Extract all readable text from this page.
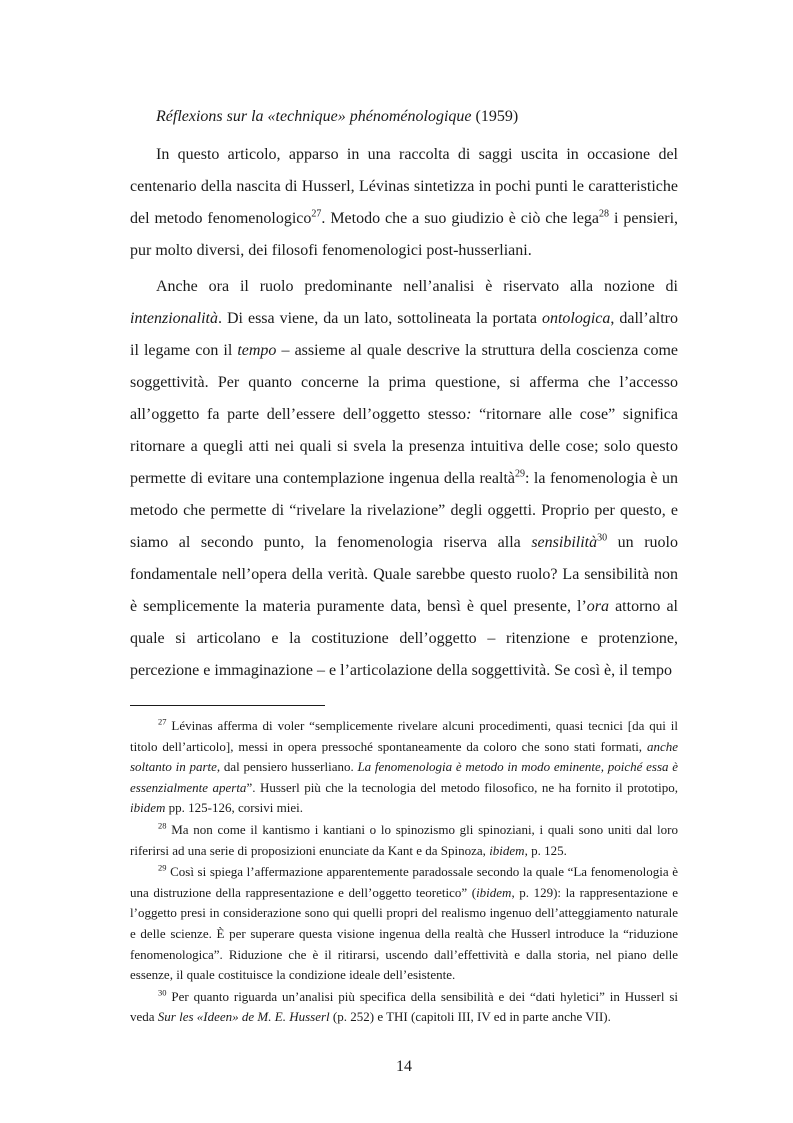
Réflexions sur la «technique» phénoménologique (1959)

In questo articolo, apparso in una raccolta di saggi uscita in occasione del centenario della nascita di Husserl, Lévinas sintetizza in pochi punti le caratteristiche del metodo fenomenologico$^{27}$. Metodo che a suo giudizio è ciò che lega$^{28}$ i pensieri, pur molto diversi, dei filosofi fenomenologici post-husserliani.

Anche ora il ruolo predominante nell’analisi è riservato alla nozione di intenzionalità. Di essa viene, da un lato, sottolineata la portata ontologica, dall’altro il legame con il tempo – assieme al quale descrive la struttura della coscienza come soggettività. Per quanto concerne la prima questione, si afferma che l’accesso all’oggetto fa parte dell’essere dell’oggetto stesso: “ritornare alle cose” significa ritornare a quegli atti nei quali si svela la presenza intuitiva delle cose; solo questo permette di evitare una contemplazione ingenua della realtà$^{29}$: la fenomenologia è un metodo che permette di “rivelare la rivelazione” degli oggetti. Proprio per questo, e siamo al secondo punto, la fenomenologia riserva alla sensibilità$^{30}$ un ruolo fondamentale nell’opera della verità. Quale sarebbe questo ruolo? La sensibilità non è semplicemente la materia puramente data, bensì è quel presente, l’ora attorno al quale si articolano e la costituzione dell’oggetto – ritenzione e protenzione, percezione e immaginazione – e l’articolazione della soggettività. Se così è, il tempo

$^{27}$ Lévinas afferma di voler “semplicemente rivelare alcuni procedimenti, quasi tecnici [da qui il titolo dell’articolo], messi in opera pressoché spontaneamente da coloro che sono stati formati, anche soltanto in parte, dal pensiero husserliano. La fenomenologia è metodo in modo eminente, poiché essa è essenzialmente aperta”. Husserl più che la tecnologia del metodo filosofico, ne ha fornito il prototipo, ibidem pp. 125-126, corsivi miei.

$^{28}$ Ma non come il kantismo i kantiani o lo spinozismo gli spinoziani, i quali sono uniti dal loro riferirsi ad una serie di proposizioni enunciate da Kant e da Spinoza, ibidem, p. 125.

$^{29}$ Così si spiega l’affermazione apparentemente paradossale secondo la quale “La fenomenologia è una distruzione della rappresentazione e dell’oggetto teoretico” (ibidem, p. 129): la rappresentazione e l’oggetto presi in considerazione sono qui quelli propri del realismo ingenuo dell’atteggiamento naturale e delle scienze. È per superare questa visione ingenua della realtà che Husserl introduce la “riduzione fenomenologica”. Riduzione che è il ritirarsi, uscendo dall’effettività e dalla storia, nel piano delle essenze, il quale costituisce la condizione ideale dell’esistente.

$^{30}$ Per quanto riguarda un’analisi più specifica della sensibilità e dei “dati hyletici” in Husserl si veda Sur les «Ideen» de M. E. Husserl (p. 252) e THI (capitoli III, IV ed in parte anche VII).

14
